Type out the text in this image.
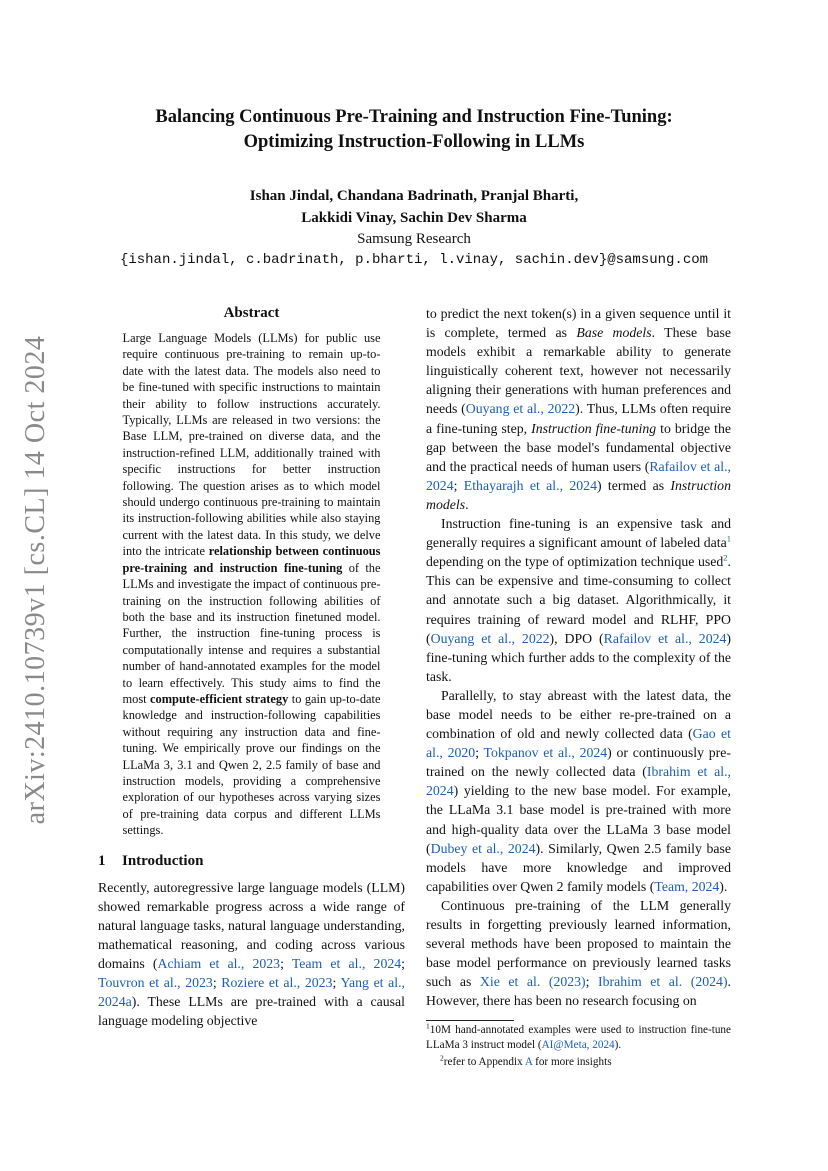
arXiv:2410.10739v1 [cs.CL] 14 Oct 2024
Balancing Continuous Pre-Training and Instruction Fine-Tuning:
Optimizing Instruction-Following in LLMs
Ishan Jindal, Chandana Badrinath, Pranjal Bharti,
Lakkidi Vinay, Sachin Dev Sharma
Samsung Research
{ishan.jindal, c.badrinath, p.bharti, l.vinay, sachin.dev}@samsung.com
Abstract

Large Language Models (LLMs) for public use require continuous pre-training to remain up-to-date with the latest data. The models also need to be fine-tuned with specific instructions to maintain their ability to follow instructions accurately. Typically, LLMs are released in two versions: the Base LLM, pre-trained on diverse data, and the instruction-refined LLM, additionally trained with specific instructions for better instruction following. The question arises as to which model should undergo continuous pre-training to maintain its instruction-following abilities while also staying current with the latest data. In this study, we delve into the intricate relationship between continuous pre-training and instruction fine-tuning of the LLMs and investigate the impact of continuous pre-training on the instruction following abilities of both the base and its instruction finetuned model. Further, the instruction fine-tuning process is computationally intense and requires a substantial number of hand-annotated examples for the model to learn effectively. This study aims to find the most compute-efficient strategy to gain up-to-date knowledge and instruction-following capabilities without requiring any instruction data and fine-tuning. We empirically prove our findings on the LLaMa 3, 3.1 and Qwen 2, 2.5 family of base and instruction models, providing a comprehensive exploration of our hypotheses across varying sizes of pre-training data corpus and different LLMs settings.

1 Introduction

Recently, autoregressive large language models (LLM) showed remarkable progress across a wide range of natural language tasks, natural language understanding, mathematical reasoning, and coding across various domains (Achiam et al., 2023; Team et al., 2024; Touvron et al., 2023; Roziere et al., 2023; Yang et al., 2024a). These LLMs are pre-trained with a causal language modeling objective

to predict the next token(s) in a given sequence until it is complete, termed as Base models. These base models exhibit a remarkable ability to generate linguistically coherent text, however not necessarily aligning their generations with human preferences and needs (Ouyang et al., 2022). Thus, LLMs often require a fine-tuning step, Instruction fine-tuning to bridge the gap between the base model's fundamental objective and the practical needs of human users (Rafailov et al., 2024; Ethayarajh et al., 2024) termed as Instruction models.

Instruction fine-tuning is an expensive task and generally requires a significant amount of labeled data$^1$ depending on the type of optimization technique used$^2$. This can be expensive and time-consuming to collect and annotate such a big dataset. Algorithmically, it requires training of reward model and RLHF, PPO (Ouyang et al., 2022), DPO (Rafailov et al., 2024) fine-tuning which further adds to the complexity of the task.

Parallelly, to stay abreast with the latest data, the base model needs to be either re-pre-trained on a combination of old and newly collected data (Gao et al., 2020; Tokpanov et al., 2024) or continuously pre-trained on the newly collected data (Ibrahim et al., 2024) yielding to the new base model. For example, the LLaMa 3.1 base model is pre-trained with more and high-quality data over the LLaMa 3 base model (Dubey et al., 2024). Similarly, Qwen 2.5 family base models have more knowledge and improved capabilities over Qwen 2 family models (Team, 2024).

Continuous pre-training of the LLM generally results in forgetting previously learned information, several methods have been proposed to maintain the base model performance on previously learned tasks such as Xie et al. (2023); Ibrahim et al. (2024). However, there has been no research focusing on

$^1$10M hand-annotated examples were used to instruction fine-tune LLaMa 3 instruct model (AI@Meta, 2024).

$^2$refer to Appendix A for more insights
